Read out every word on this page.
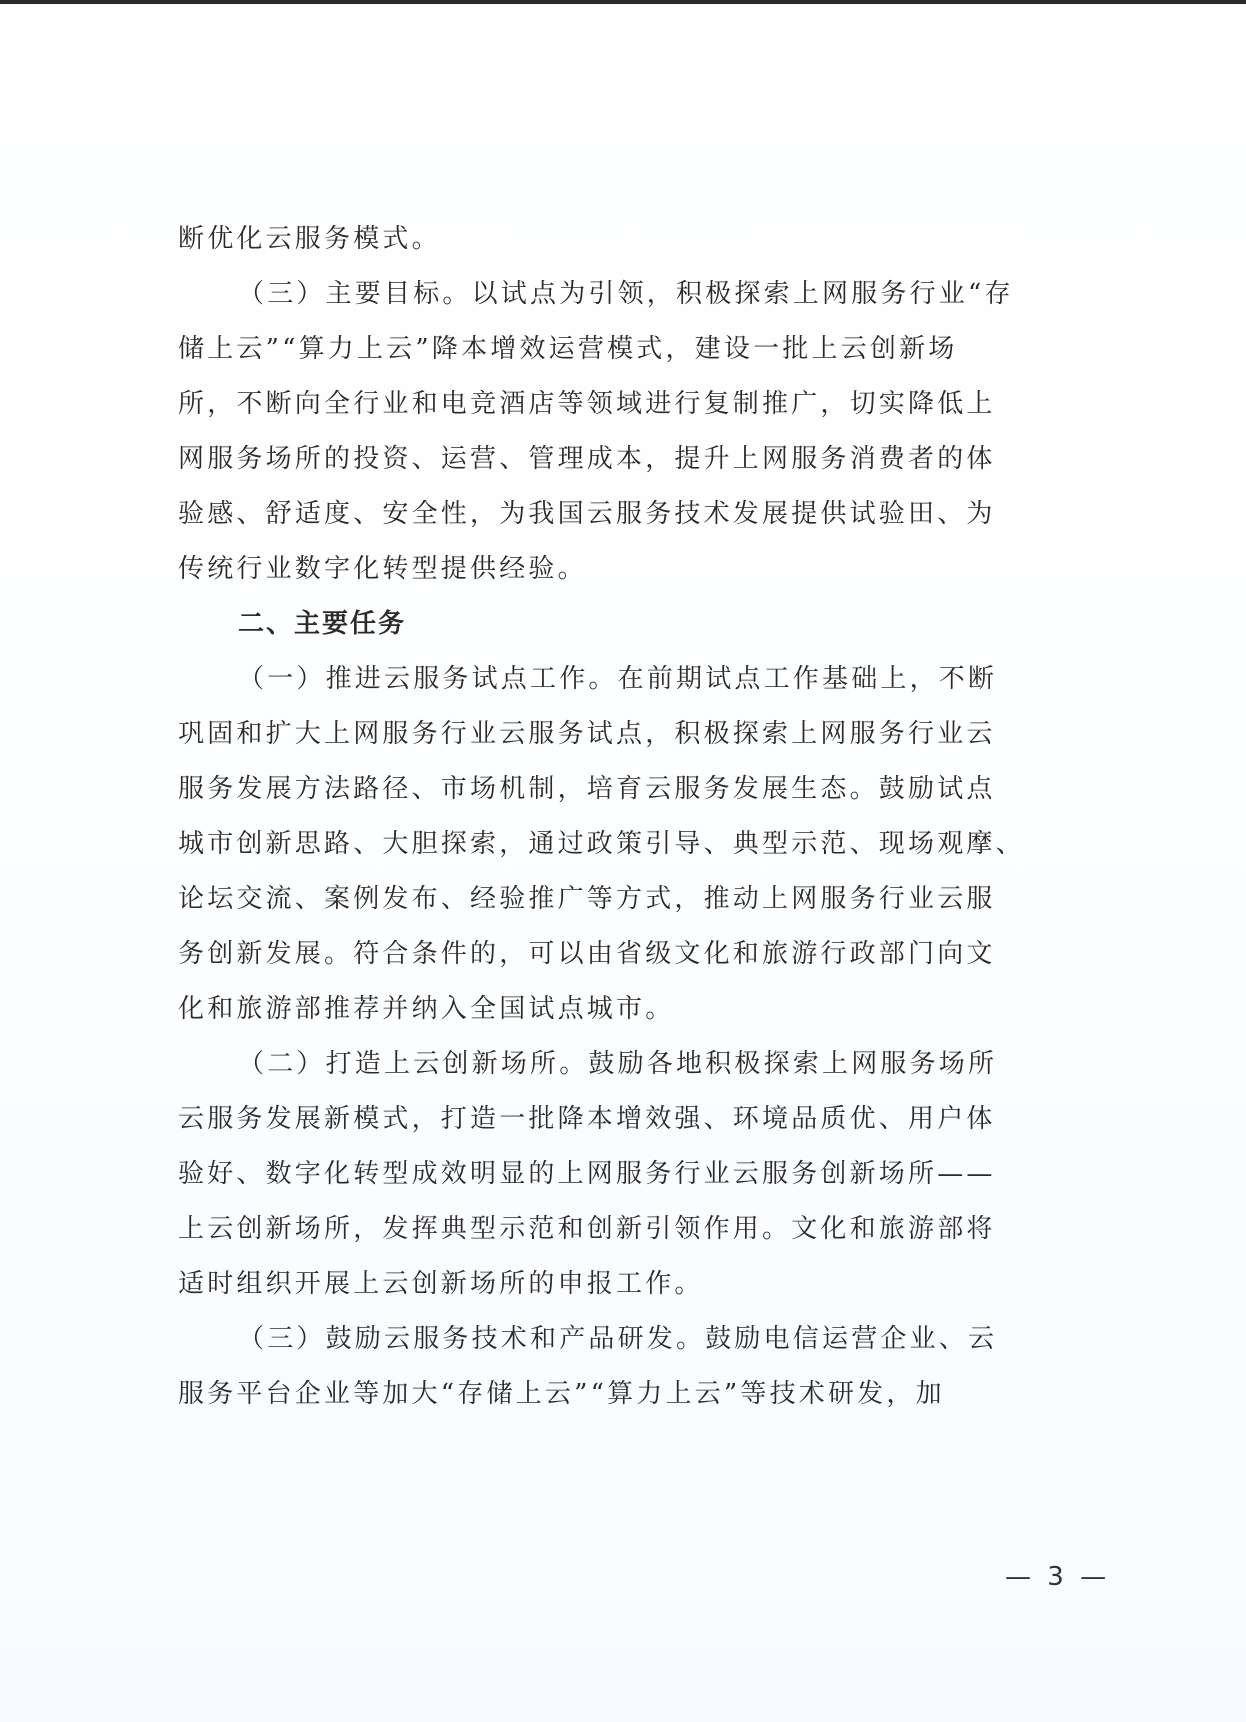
断优化云服务模式。
（三）主要目标。以试点为引领，积极探索上网服务行业“存
储上云”“算力上云”降本增效运营模式，建设一批上云创新场
所，不断向全行业和电竞酒店等领域进行复制推广，切实降低上
网服务场所的投资、运营、管理成本，提升上网服务消费者的体
验感、舒适度、安全性，为我国云服务技术发展提供试验田、为
传统行业数字化转型提供经验。
二、主要任务
（一）推进云服务试点工作。在前期试点工作基础上，不断
巩固和扩大上网服务行业云服务试点，积极探索上网服务行业云
服务发展方法路径、市场机制，培育云服务发展生态。鼓励试点
城市创新思路、大胆探索，通过政策引导、典型示范、现场观摩、
论坛交流、案例发布、经验推广等方式，推动上网服务行业云服
务创新发展。符合条件的，可以由省级文化和旅游行政部门向文
化和旅游部推荐并纳入全国试点城市。
（二）打造上云创新场所。鼓励各地积极探索上网服务场所
云服务发展新模式，打造一批降本增效强、环境品质优、用户体
验好、数字化转型成效明显的上网服务行业云服务创新场所——
上云创新场所，发挥典型示范和创新引领作用。文化和旅游部将
适时组织开展上云创新场所的申报工作。
（三）鼓励云服务技术和产品研发。鼓励电信运营企业、云
服务平台企业等加大“存储上云”“算力上云”等技术研发，加
— 3 —
